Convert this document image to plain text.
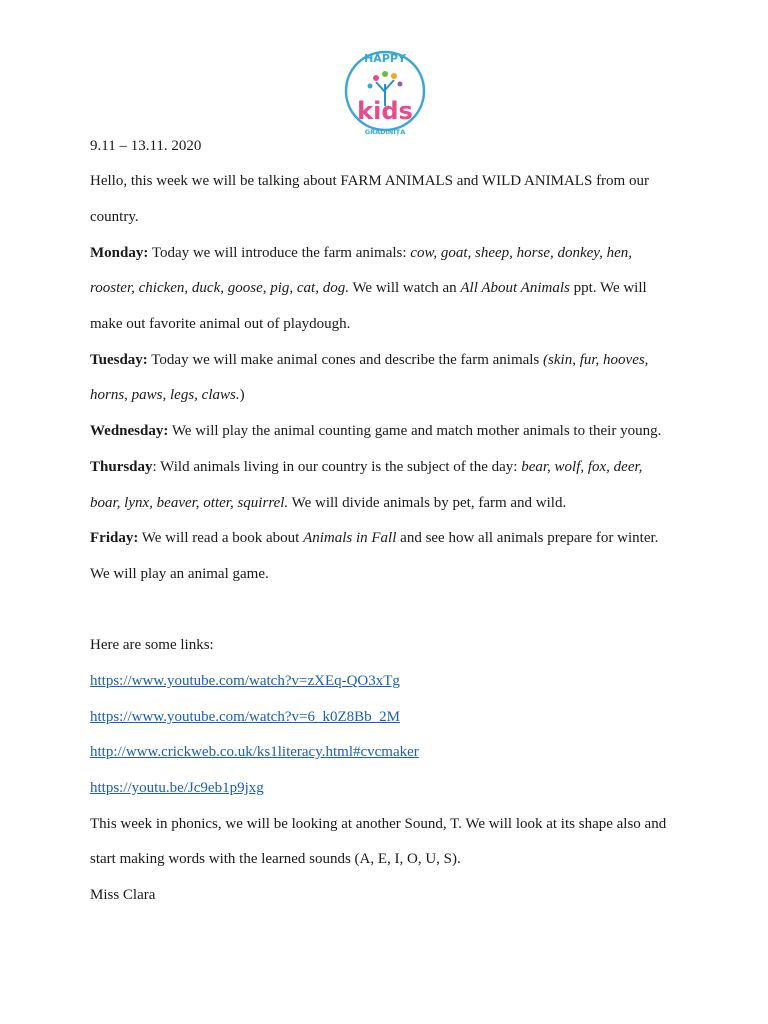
HAPPY
kids
GRĂDINIȚA
9.11 – 13.11. 2020
Hello, this week we will be talking about FARM ANIMALS and WILD ANIMALS from our
country.
Monday: Today we will introduce the farm animals: cow, goat, sheep, horse, donkey, hen,
rooster, chicken, duck, goose, pig, cat, dog. We will watch an All About Animals ppt. We will
make out favorite animal out of playdough.
Tuesday: Today we will make animal cones and describe the farm animals (skin, fur, hooves,
horns, paws, legs, claws.)
Wednesday: We will play the animal counting game and match mother animals to their young.
Thursday: Wild animals living in our country is the subject of the day: bear, wolf, fox, deer,
boar, lynx, beaver, otter, squirrel. We will divide animals by pet, farm and wild.
Friday: We will read a book about Animals in Fall and see how all animals prepare for winter.
We will play an animal game.
Here are some links:
https://www.youtube.com/watch?v=zXEq-QO3xTg
https://www.youtube.com/watch?v=6_k0Z8Bb_2M
http://www.crickweb.co.uk/ks1literacy.html#cvcmaker
https://youtu.be/Jc9eb1p9jxg
This week in phonics, we will be looking at another Sound, T. We will look at its shape also and
start making words with the learned sounds (A, E, I, O, U, S).
Miss Clara
